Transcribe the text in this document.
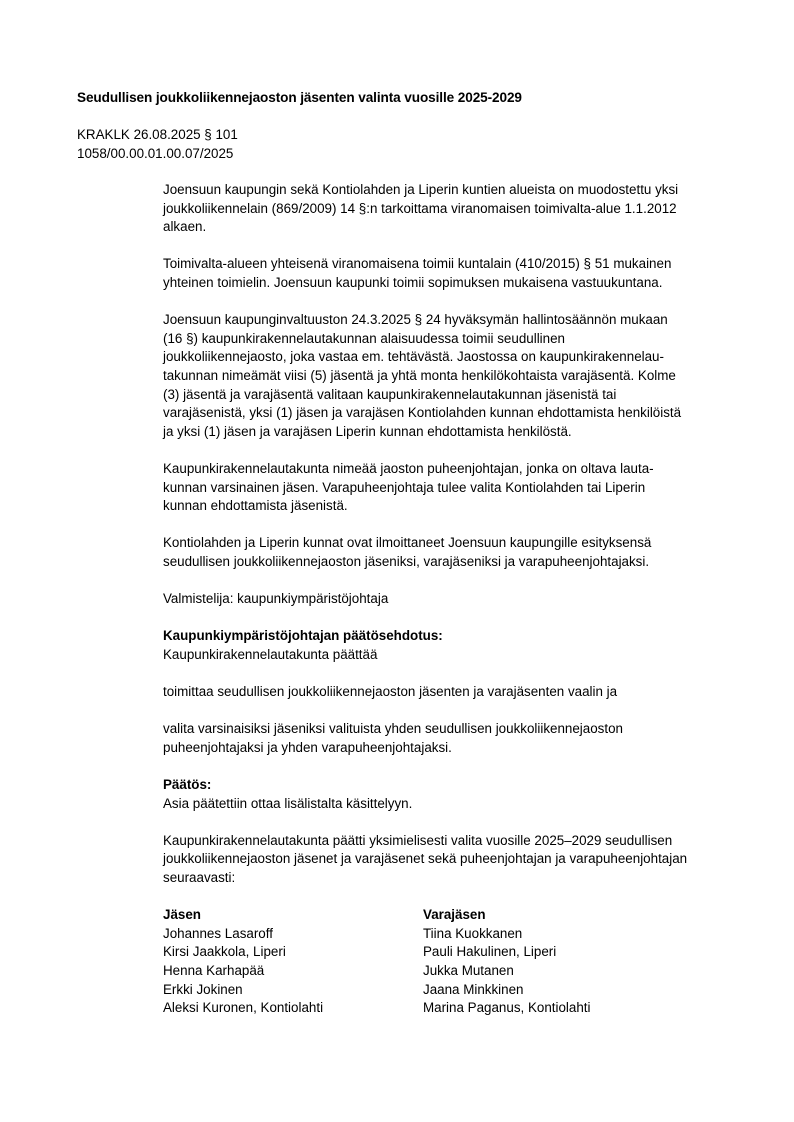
Seudullisen joukkoliikennejaoston jäsenten valinta vuosille 2025-2029
KRAKLK 26.08.2025 § 101
1058/00.00.01.00.07/2025

Joensuun kaupungin sekä Kontiolahden ja Liperin kuntien alueista on muodostettu yksi
joukkoliikennelain (869/2009) 14 §:n tarkoittama viranomaisen toimivalta-alue 1.1.2012
alkaen.

Toimivalta-alueen yhteisenä viranomaisena toimii kuntalain (410/2015) § 51 mukainen
yhteinen toimielin. Joensuun kaupunki toimii sopimuksen mukaisena vastuukuntana.

Joensuun kaupunginvaltuuston 24.3.2025 § 24 hyväksymän hallintosäännön mukaan
(16 §) kaupunkirakennelautakunnan alaisuudessa toimii seudullinen
joukkoliikennejaosto, joka vastaa em. tehtävästä. Jaostossa on kaupunkirakennelau-
takunnan nimeämät viisi (5) jäsentä ja yhtä monta henkilökohtaista varajäsentä. Kolme
(3) jäsentä ja varajäsentä valitaan kaupunkirakennelautakunnan jäsenistä tai
varajäsenistä, yksi (1) jäsen ja varajäsen Kontiolahden kunnan ehdottamista henkilöistä
ja yksi (1) jäsen ja varajäsen Liperin kunnan ehdottamista henkilöstä.

Kaupunkirakennelautakunta nimeää jaoston puheenjohtajan, jonka on oltava lauta-
kunnan varsinainen jäsen. Varapuheenjohtaja tulee valita Kontiolahden tai Liperin
kunnan ehdottamista jäsenistä.

Kontiolahden ja Liperin kunnat ovat ilmoittaneet Joensuun kaupungille esityksensä
seudullisen joukkoliikennejaoston jäseniksi, varajäseniksi ja varapuheenjohtajaksi.

Valmistelija: kaupunkiympäristöjohtaja

Kaupunkiympäristöjohtajan päätösehdotus:

Kaupunkirakennelautakunta päättää

toimittaa seudullisen joukkoliikennejaoston jäsenten ja varajäsenten vaalin ja

valita varsinaisiksi jäseniksi valituista yhden seudullisen joukkoliikennejaoston
puheenjohtajaksi ja yhden varapuheenjohtajaksi.

Päätös:

Asia päätettiin ottaa lisälistalta käsittelyyn.

Kaupunkirakennelautakunta päätti yksimielisesti valita vuosille 2025–2029 seudullisen
joukkoliikennejaoston jäsenet ja varajäsenet sekä puheenjohtajan ja varapuheenjohtajan
seuraavasti:

Jäsen
Johannes Lasaroff
Kirsi Jaakkola, Liperi
Henna Karhapää
Erkki Jokinen
Aleksi Kuronen, Kontiolahti
Varajäsen
Tiina Kuokkanen
Pauli Hakulinen, Liperi
Jukka Mutanen
Jaana Minkkinen
Marina Paganus, Kontiolahti
